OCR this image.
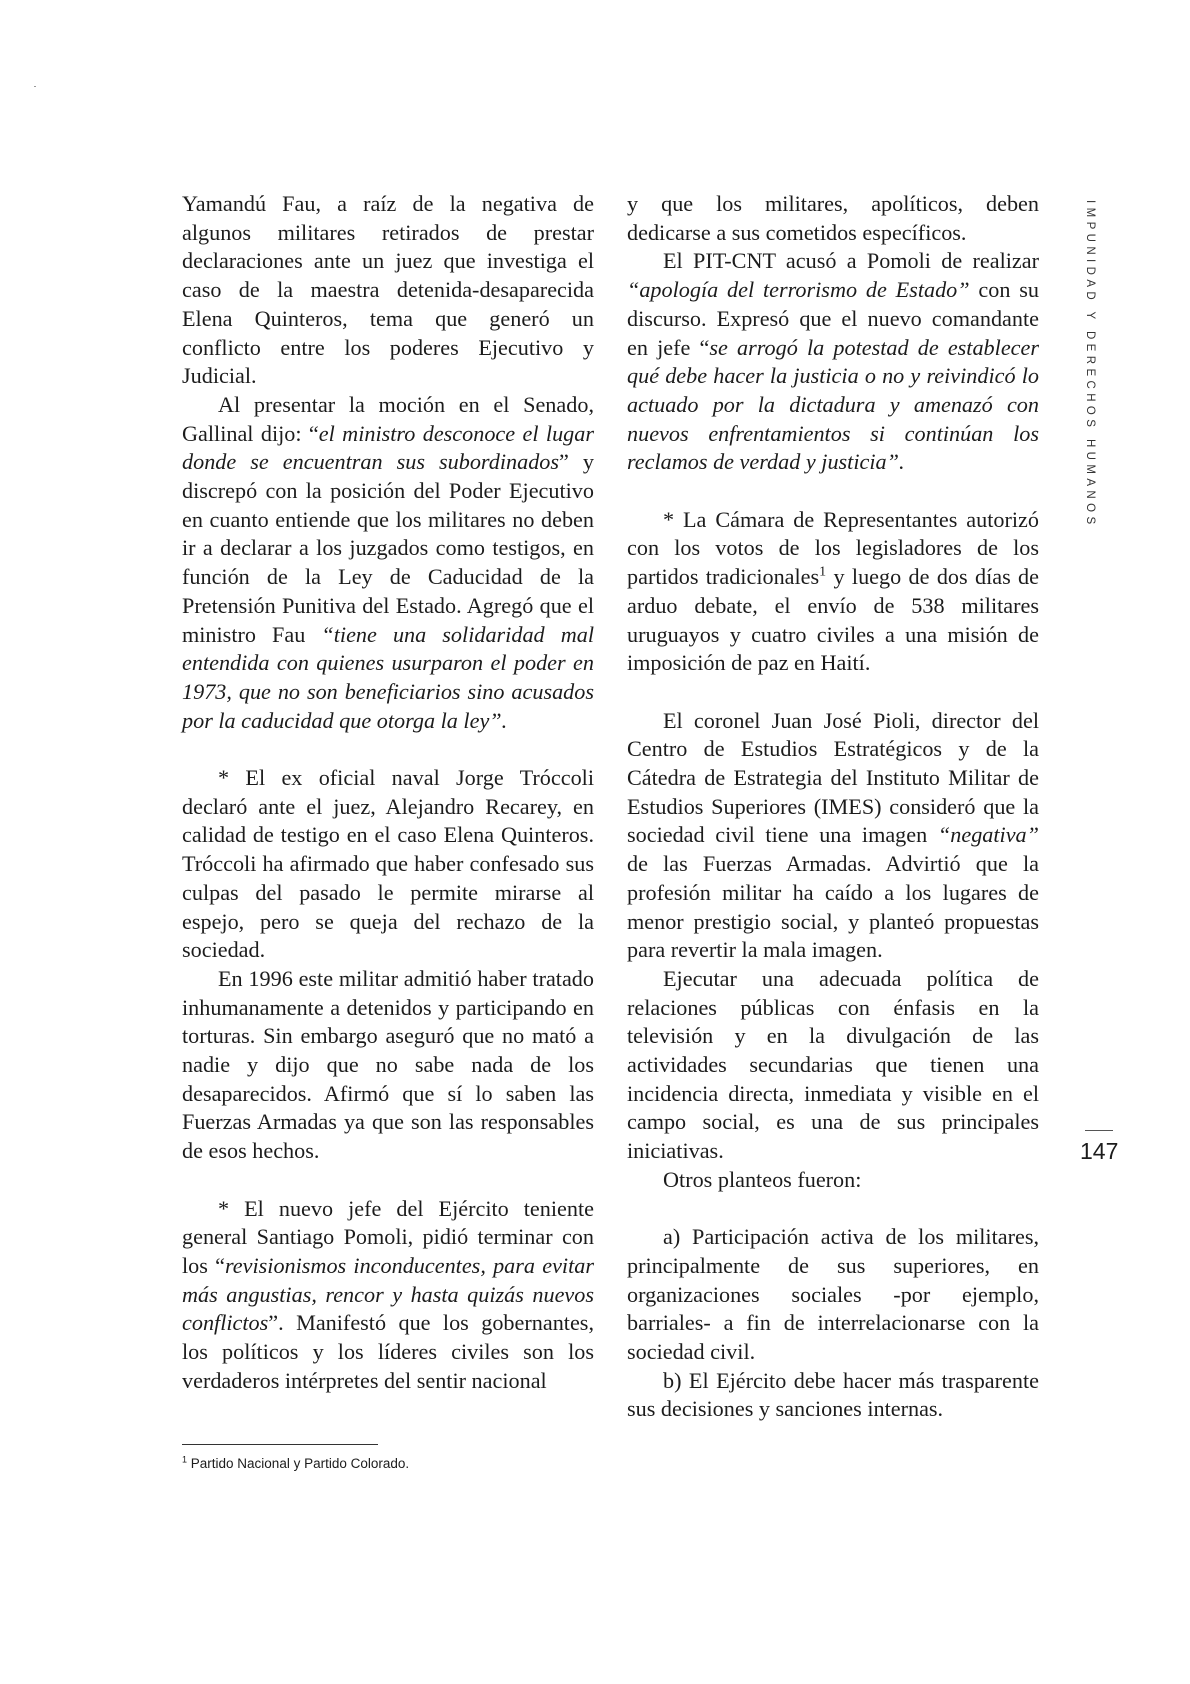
Yamandú Fau, a raíz de la negativa de algunos militares retirados de prestar declaraciones ante un juez que investiga el caso de la maestra detenida-desaparecida Elena Quinteros, tema que generó un conflicto entre los poderes Ejecutivo y Judicial.

Al presentar la moción en el Senado, Gallinal dijo: “el ministro desconoce el lugar donde se encuentran sus subordinados” y discrepó con la posición del Poder Ejecutivo en cuanto entiende que los militares no deben ir a declarar a los juzgados como testigos, en función de la Ley de Caducidad de la Pretensión Punitiva del Estado. Agregó que el ministro Fau “tiene una solidaridad mal entendida con quienes usurparon el poder en 1973, que no son beneficiarios sino acusados por la caducidad que otorga la ley”.

* El ex oficial naval Jorge Tróccoli declaró ante el juez, Alejandro Recarey, en calidad de testigo en el caso Elena Quinteros. Tróccoli ha afirmado que haber confesado sus culpas del pasado le permite mirarse al espejo, pero se queja del rechazo de la sociedad.

En 1996 este militar admitió haber tratado inhumanamente a detenidos y participando en torturas. Sin embargo aseguró que no mató a nadie y dijo que no sabe nada de los desaparecidos. Afirmó que sí lo saben las Fuerzas Armadas ya que son las responsables de esos hechos.

* El nuevo jefe del Ejército teniente general Santiago Pomoli, pidió terminar con los “revisionismos inconducentes, para evitar más angustias, rencor y hasta quizás nuevos conflictos”. Manifestó que los gobernantes, los políticos y los líderes civiles son los verdaderos intérpretes del sentir nacional

y que los militares, apolíticos, deben dedicarse a sus cometidos específicos.

El PIT-CNT acusó a Pomoli de realizar “apología del terrorismo de Estado” con su discurso. Expresó que el nuevo comandante en jefe “se arrogó la potestad de establecer qué debe hacer la justicia o no y reivindicó lo actuado por la dictadura y amenazó con nuevos enfrentamientos si continúan los reclamos de verdad y justicia”.

* La Cámara de Representantes autorizó con los votos de los legisladores de los partidos tradicionales$^1$ y luego de dos días de arduo debate, el envío de 538 militares uruguayos y cuatro civiles a una misión de imposición de paz en Haití.

El coronel Juan José Pioli, director del Centro de Estudios Estratégicos y de la Cátedra de Estrategia del Instituto Militar de Estudios Superiores (IMES) consideró que la sociedad civil tiene una imagen “negativa” de las Fuerzas Armadas. Advirtió que la profesión militar ha caído a los lugares de menor prestigio social, y planteó propuestas para revertir la mala imagen.

Ejecutar una adecuada política de relaciones públicas con énfasis en la televisión y en la divulgación de las actividades secundarias que tienen una incidencia directa, inmediata y visible en el campo social, es una de sus principales iniciativas.

Otros planteos fueron:

a) Participación activa de los militares, principalmente de sus superiores, en organizaciones sociales -por ejemplo, barriales- a fin de interrelacionarse con la sociedad civil.

b) El Ejército debe hacer más trasparente sus decisiones y sanciones internas.

IMPUNIDAD Y DERECHOS HUMANOS
147
$^1$ Partido Nacional y Partido Colorado.
